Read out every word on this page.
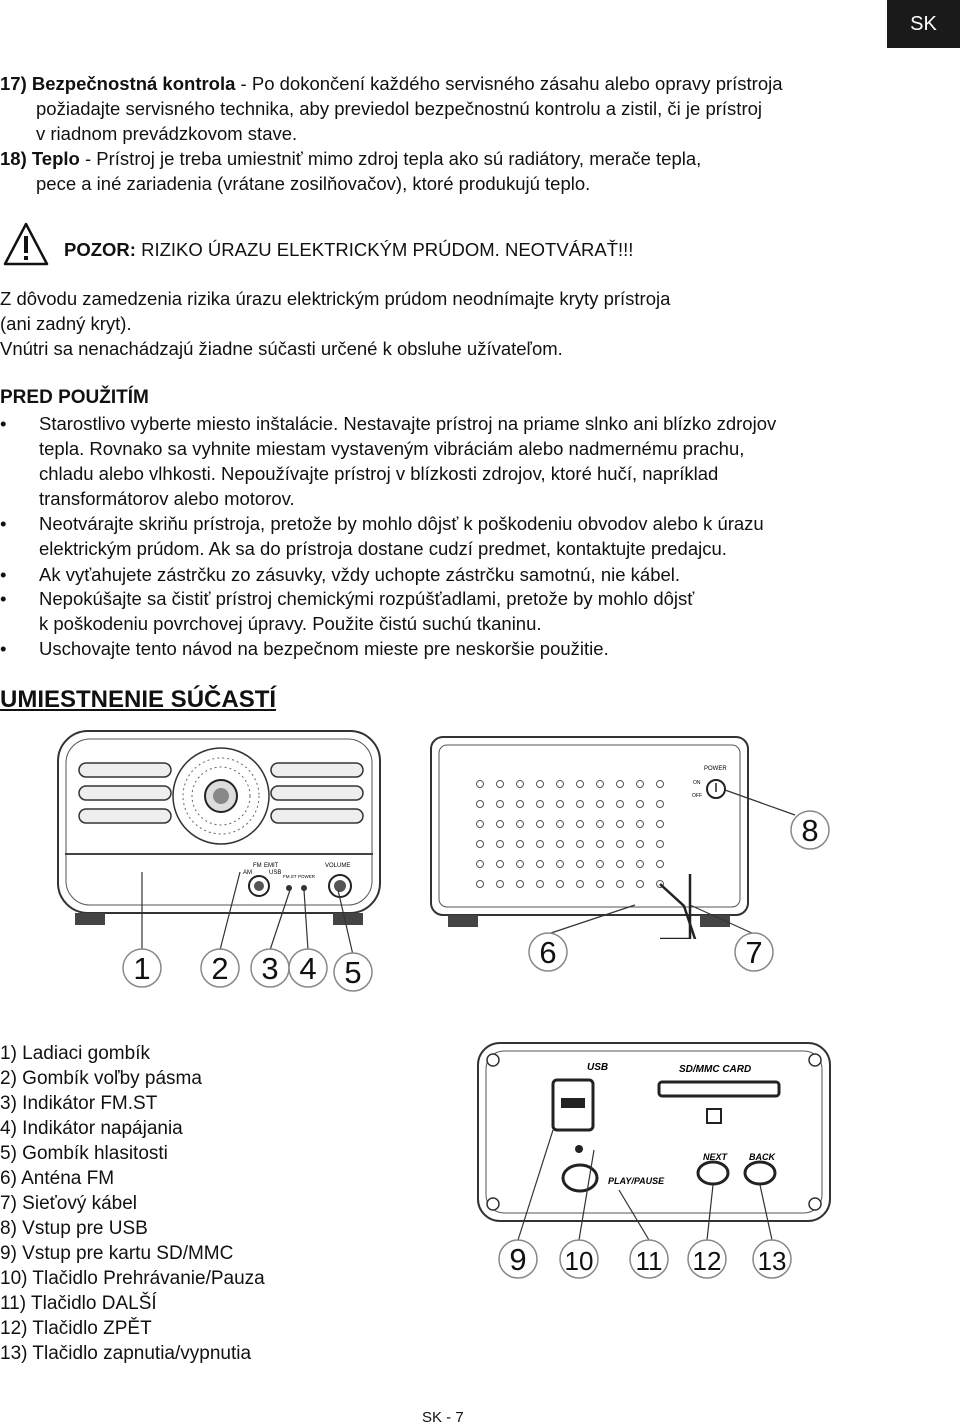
SK
17) Bezpečnostná kontrola - Po dokončení každého servisného zásahu alebo opravy prístroja
požiadajte servisného technika, aby previedol bezpečnostnú kontrolu a zistil, či je prístroj
v riadnom prevádzkovom stave.
18) Teplo - Prístroj je treba umiestniť mimo zdroj tepla ako sú radiátory, merače tepla,
pece a iné zariadenia (vrátane zosilňovačov), ktoré produkujú teplo.
POZOR: RIZIKO ÚRAZU ELEKTRICKÝM PRÚDOM. NEOTVÁRAŤ!!!
Z dôvodu zamedzenia rizika úrazu elektrickým prúdom neodnímajte kryty prístroja
(ani zadný kryt).
Vnútri sa nenachádzajú žiadne súčasti určené k obsluhe užívateľom.
PRED POUŽITÍM
• Starostlivo vyberte miesto inštalácie. Nestavajte prístroj na priame slnko ani blízko zdrojov
tepla. Rovnako sa vyhnite miestam vystaveným vibráciám alebo nadmernému prachu,
chladu alebo vlhkosti. Nepoužívajte prístroj v blízkosti zdrojov, ktoré hučí, napríklad
transformátorov alebo motorov.
• Neotvárajte skriňu prístroja, pretože by mohlo dôjsť k poškodeniu obvodov alebo k úrazu
elektrickým prúdom. Ak sa do prístroja dostane cudzí predmet, kontaktujte predajcu.
• Ak vyťahujete zástrčku zo zásuvky, vždy uchopte zástrčku samotnú, nie kábel.
• Nepokúšajte sa čistiť prístroj chemickými rozpúšťadlami, pretože by mohlo dôjsť
k poškodeniu povrchovej úpravy. Použite čistú suchú tkaninu.
• Uschovajte tento návod na bezpečnom mieste pre neskoršie použitie.
UMIESTNENIE SÚČASTÍ
FM EMIT
AM	USB
FM.ST POWER
VOLUME
POWER
ON
OFF
USB	SD/MMC CARD
PLAY/PAUSE
NEXT BACK
1 2 3 4 5
6	7
8
9 10 11 12 13
1) Ladiaci gombík
2) Gombík voľby pásma
3) Indikátor FM.ST
4) Indikátor napájania
5) Gombík hlasitosti
6) Anténa FM
7) Sieťový kábel
8) Vstup pre USB
9) Vstup pre kartu SD/MMC
10) Tlačidlo Prehrávanie/Pauza
11) Tlačidlo DALŠÍ
12) Tlačidlo ZPĚT
13) Tlačidlo zapnutia/vypnutia
SK - 7
